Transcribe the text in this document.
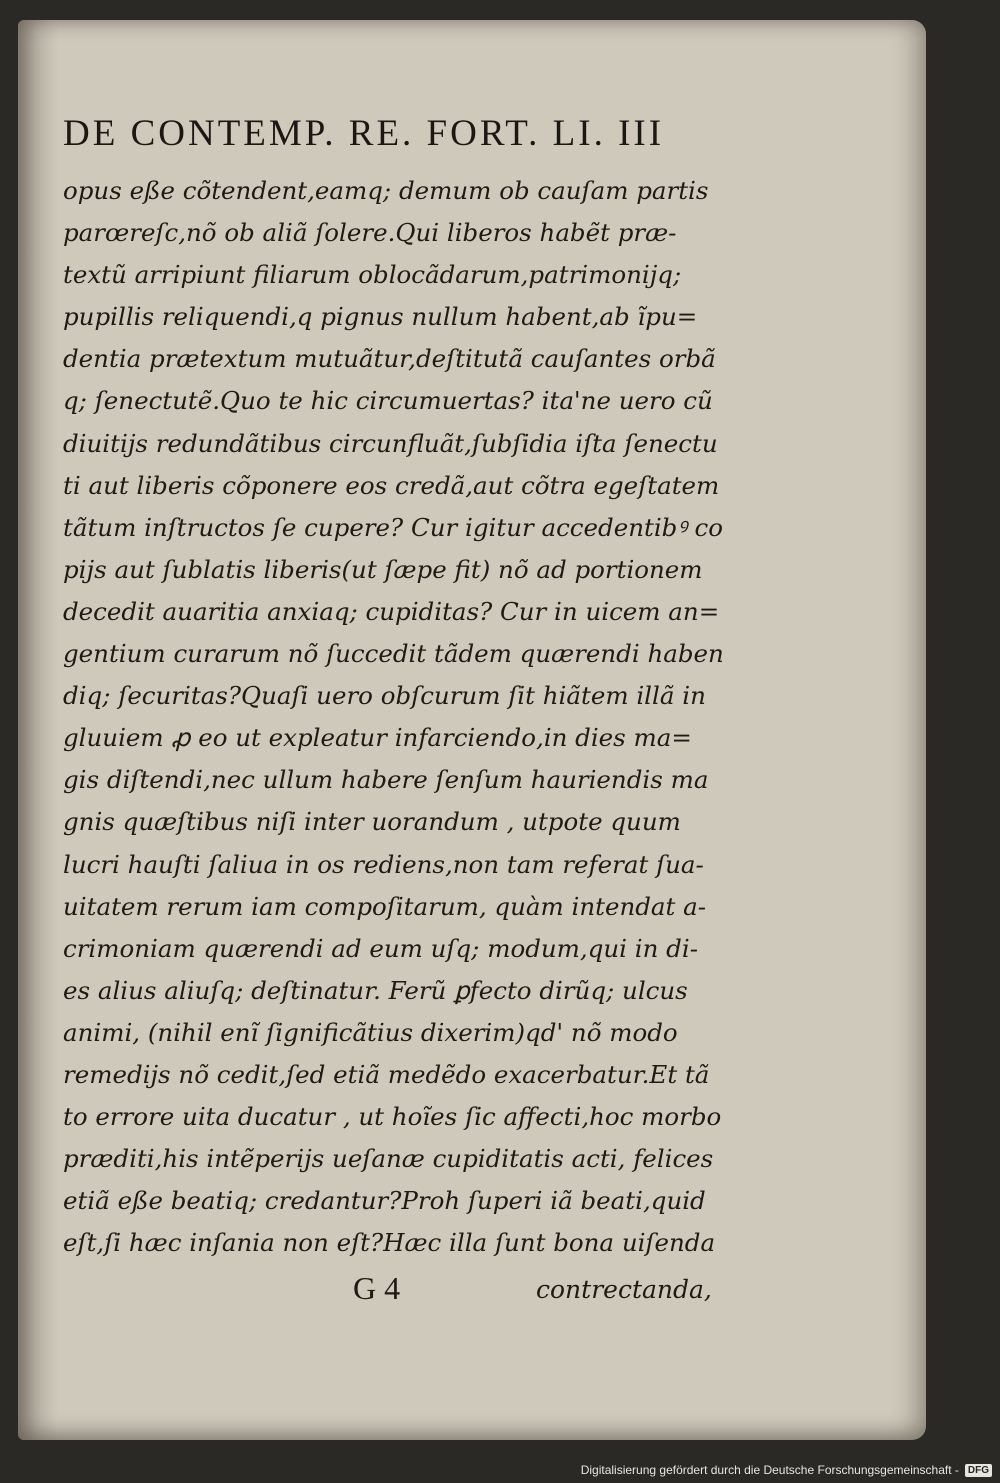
DE CONTEMP. RE. FORT. LI. III
opus eße cõtendent,eamq; demum ob cauſam partis
parœreſc,nõ ob aliã ſolere.Qui liberos habẽt præ-
textũ arripiunt filiarum oblocãdarum,patrimonijq;
pupillis reliquendi,q pignus nullum habent,ab ĩpu=
dentia prætextum mutuãtur,deſtitutã cauſantes orbã
q; ſenectutẽ.Quo te hic circumuertas? ita'ne uero cũ
diuitijs redundãtibus circunfluãt,ſubſidia iſta ſenectu
ti aut liberis cõponere eos credã,aut cõtra egeſtatem
tãtum inſtructos ſe cupere? Cur igitur accedentibꝰ co
pijs aut ſublatis liberis(ut ſæpe fit) nõ ad portionem
decedit auaritia anxiaq; cupiditas? Cur in uicem an=
gentium curarum nõ ſuccedit tãdem quærendi haben
diq; ſecuritas?Quaſi uero obſcurum ſit hiãtem illã in
gluuiem ꝓ eo ut expleatur infarciendo,in dies ma=
gis diſtendi,nec ullum habere ſenſum hauriendis ma
gnis quæſtibus niſi inter uorandum , utpote quum
lucri hauſti ſaliua in os rediens,non tam referat ſua-
uitatem rerum iam compoſitarum, quàm intendat a-
crimoniam quærendi ad eum uſq; modum,qui in di-
es alius aliuſq; deſtinatur. Ferũ ꝑfecto dirũq; ulcus
animi, (nihil enĩ ſignificãtius dixerim)qd' nõ modo
remedijs nõ cedit,ſed etiã medẽdo exacerbatur.Et tã
to errore uita ducatur , ut hoĩes ſic affecti,hoc morbo
præditi,his intẽperijs ueſanæ cupiditatis acti, felices
etiã eße beatiq; credantur?Proh ſuperi iã beati,quid
eſt,ſi hæc inſania non eſt?Hæc illa ſunt bona uiſenda
G 4	contrectanda,
Digitalisierung gefördert durch die Deutsche Forschungsgemeinschaft - DFG
